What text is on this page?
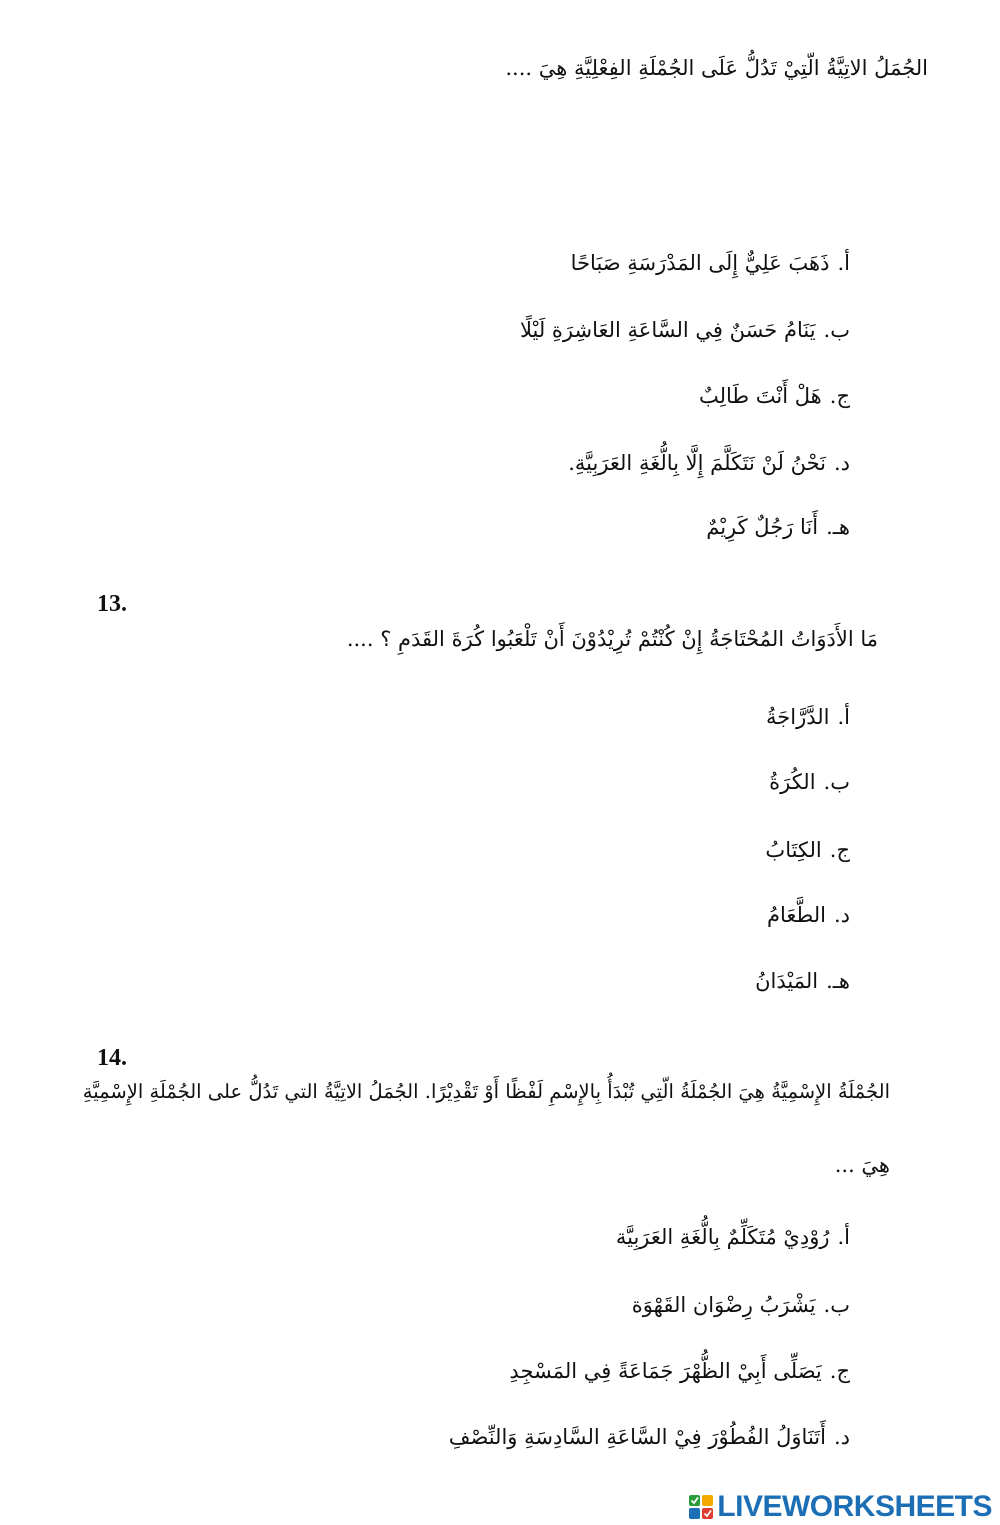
الجُمَلُ الاتِيَّةُ الّتِيْ تَدُلُّ عَلَى الجُمْلَةِ الفِعْلِيَّةِ هِيَ ....
أ.ذَهَبَ عَلِيٌّ إِلَى المَدْرَسَةِ صَبَاحًا
ب.يَنَامُ حَسَنٌ فِي السَّاعَةِ العَاشِرَةِ لَيْلًا
ج.هَلْ أَنْتَ طَالِبٌ
د.نَحْنُ لَنْ نَتَكَلَّمَ إِلَّا بِالُّغَةِ العَرَبِيَّةِ.
هـ.أَنَا رَجُلٌ كَرِيْمٌ
13.
مَا الأَدَوَاتُ المُحْتَاجَةُ إِنْ كُنْتُمْ تُرِيْدُوْنَ أَنْ تَلْعَبُوا كُرَةَ القَدَمِ ؟ ....
أ.الدَّرَّاجَةُ
ب.الكُرَةُ
ج.الكِتَابُ
د.الطَّعَامُ
هـ.المَيْدَانُ
14.
الجُمْلَةُ الإِسْمِيَّةُ هِيَ الجُمْلَةُ الّتِي تُبْدَأُ بِالإِسْمِ لَفْظًا أَوْ تَقْدِيْرًا. الجُمَلُ الاتِيَّةُ التي تَدُلُّ على الجُمْلَةِ الإِسْمِيَّةِ
هِيَ ...
أ.رُوْدِيْ مُتَكَلِّمٌ بِالُّغَةِ العَرَبِيَّة
ب.يَشْرَبُ رِضْوَان القَهْوَة
ج.يَصَلِّى أَبِيْ الظُّهْرَ جَمَاعَةً فِي المَسْجِدِ
د.أَتَنَاوَلُ الفُطُوْرَ فِيْ السَّاعَةِ السَّادِسَةِ وَالنِّصْفِ
LIVEWORKSHEETS
